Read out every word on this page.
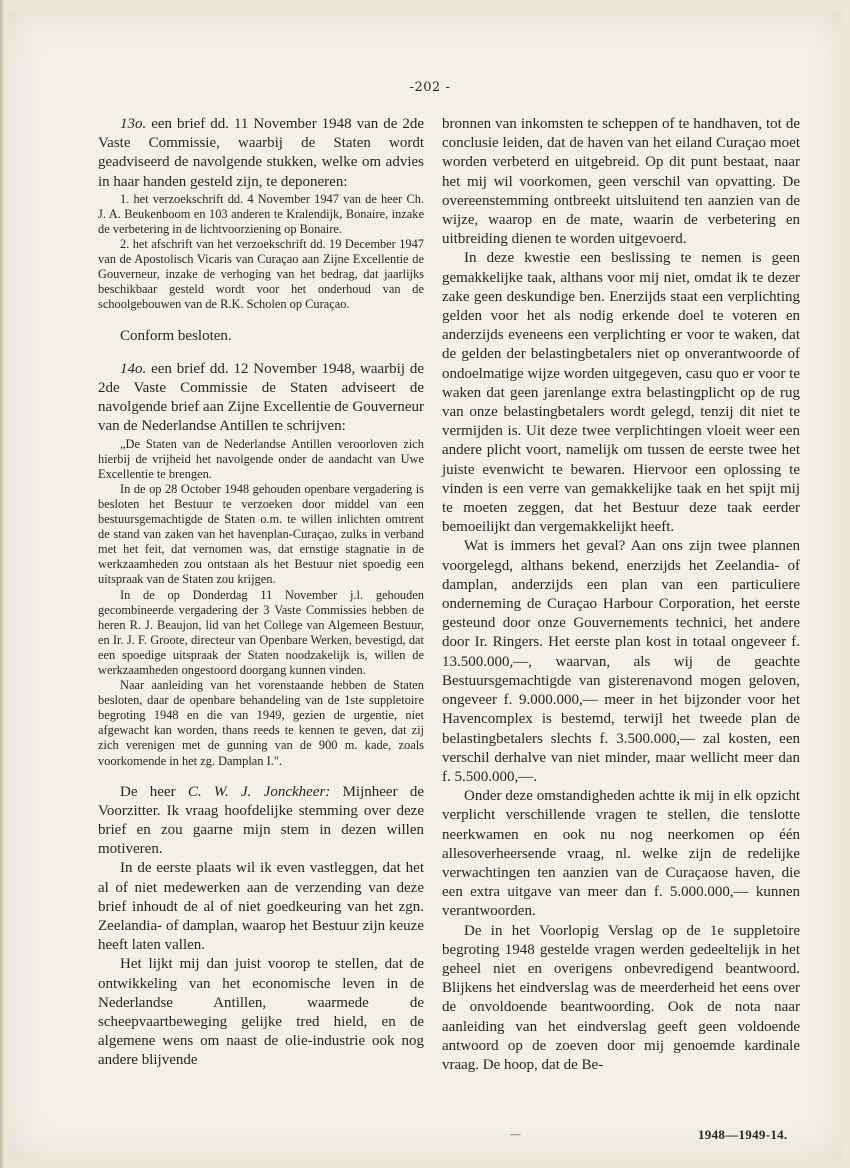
-202 -

13o. een brief dd. 11 November 1948 van de 2de Vaste Commissie, waarbij de Staten wordt geadviseerd de navolgende stukken, welke om advies in haar handen gesteld zijn, te deponeren:

1. het verzoekschrift dd. 4 November 1947 van de heer Ch. J. A. Beukenboom en 103 anderen te Kralendijk, Bonaire, inzake de verbetering in de lichtvoorziening op Bonaire.

2. het afschrift van het verzoekschrift dd. 19 December 1947 van de Apostolisch Vicaris van Curaçao aan Zijne Excellentie de Gouverneur, inzake de verhoging van het bedrag, dat jaarlijks beschikbaar gesteld wordt voor het onderhoud van de schoolgebouwen van de R.K. Scholen op Curaçao.

Conform besloten.

14o. een brief dd. 12 November 1948, waarbij de 2de Vaste Commissie de Staten adviseert de navolgende brief aan Zijne Excellentie de Gouverneur van de Nederlandse Antillen te schrijven:

„De Staten van de Nederlandse Antillen veroorloven zich hierbij de vrijheid het navolgende onder de aandacht van Uwe Excellentie te brengen.

In de op 28 October 1948 gehouden openbare vergadering is besloten het Bestuur te verzoeken door middel van een bestuursgemachtigde de Staten o.m. te willen inlichten omtrent de stand van zaken van het havenplan-Curaçao, zulks in verband met het feit, dat vernomen was, dat ernstige stagnatie in de werkzaamheden zou ontstaan als het Bestuur niet spoedig een uitspraak van de Staten zou krijgen.

In de op Donderdag 11 November j.l. gehouden gecombineerde vergadering der 3 Vaste Commissies hebben de heren R. J. Beaujon, lid van het College van Algemeen Bestuur, en Ir. J. F. Groote, directeur van Openbare Werken, bevestigd, dat een spoedige uitspraak der Staten noodzakelijk is, willen de werkzaamheden ongestoord doorgang kunnen vinden.

Naar aanleiding van het vorenstaande hebben de Staten besloten, daar de openbare behandeling van de 1ste suppletoire begroting 1948 en die van 1949, gezien de urgentie, niet afgewacht kan worden, thans reeds te kennen te geven, dat zij zich verenigen met de gunning van de 900 m. kade, zoals voorkomende in het zg. Damplan I.".

De heer C. W. J. Jonckheer: Mijnheer de Voorzitter. Ik vraag hoofdelijke stemming over deze brief en zou gaarne mijn stem in dezen willen motiveren.

In de eerste plaats wil ik even vastleggen, dat het al of niet medewerken aan de verzending van deze brief inhoudt de al of niet goedkeuring van het zgn. Zeelandia- of damplan, waarop het Bestuur zijn keuze heeft laten vallen.

Het lijkt mij dan juist voorop te stellen, dat de ontwikkeling van het economische leven in de Nederlandse Antillen, waarmede de scheepvaartbeweging gelijke tred hield, en de algemene wens om naast de olie-industrie ook nog andere blijvende

bronnen van inkomsten te scheppen of te handhaven, tot de conclusie leiden, dat de haven van het eiland Curaçao moet worden verbeterd en uitgebreid. Op dit punt bestaat, naar het mij wil voorkomen, geen verschil van opvatting. De overeenstemming ontbreekt uitsluitend ten aanzien van de wijze, waarop en de mate, waarin de verbetering en uitbreiding dienen te worden uitgevoerd.

In deze kwestie een beslissing te nemen is geen gemakkelijke taak, althans voor mij niet, omdat ik te dezer zake geen deskundige ben. Enerzijds staat een verplichting gelden voor het als nodig erkende doel te voteren en anderzijds eveneens een verplichting er voor te waken, dat de gelden der belastingbetalers niet op onverantwoorde of ondoelmatige wijze worden uitgegeven, casu quo er voor te waken dat geen jarenlange extra belastingplicht op de rug van onze belastingbetalers wordt gelegd, tenzij dit niet te vermijden is. Uit deze twee verplichtingen vloeit weer een andere plicht voort, namelijk om tussen de eerste twee het juiste evenwicht te bewaren. Hiervoor een oplossing te vinden is een verre van gemakkelijke taak en het spijt mij te moeten zeggen, dat het Bestuur deze taak eerder bemoeilijkt dan vergemakkelijkt heeft.

Wat is immers het geval? Aan ons zijn twee plannen voorgelegd, althans bekend, enerzijds het Zeelandia- of damplan, anderzijds een plan van een particuliere onderneming de Curaçao Harbour Corporation, het eerste gesteund door onze Gouvernements technici, het andere door Ir. Ringers. Het eerste plan kost in totaal ongeveer f. 13.500.000,—, waarvan, als wij de geachte Bestuursgemachtigde van gisterenavond mogen geloven, ongeveer f. 9.000.000,— meer in het bijzonder voor het Havencomplex is bestemd, terwijl het tweede plan de belastingbetalers slechts f. 3.500.000,— zal kosten, een verschil derhalve van niet minder, maar wellicht meer dan f. 5.500.000,—.

Onder deze omstandigheden achtte ik mij in elk opzicht verplicht verschillende vragen te stellen, die tenslotte neerkwamen en ook nu nog neerkomen op één allesoverheersende vraag, nl. welke zijn de redelijke verwachtingen ten aanzien van de Curaçaose haven, die een extra uitgave van meer dan f. 5.000.000,— kunnen verantwoorden.

De in het Voorlopig Verslag op de 1e suppletoire begroting 1948 gestelde vragen werden gedeeltelijk in het geheel niet en overigens onbevredigend beantwoord. Blijkens het eindverslag was de meerderheid het eens over de onvoldoende beantwoording. Ook de nota naar aanleiding van het eindverslag geeft geen voldoende antwoord op de zoeven door mij genoemde kardinale vraag. De hoop, dat de Be-

—	1948—1949-14.
